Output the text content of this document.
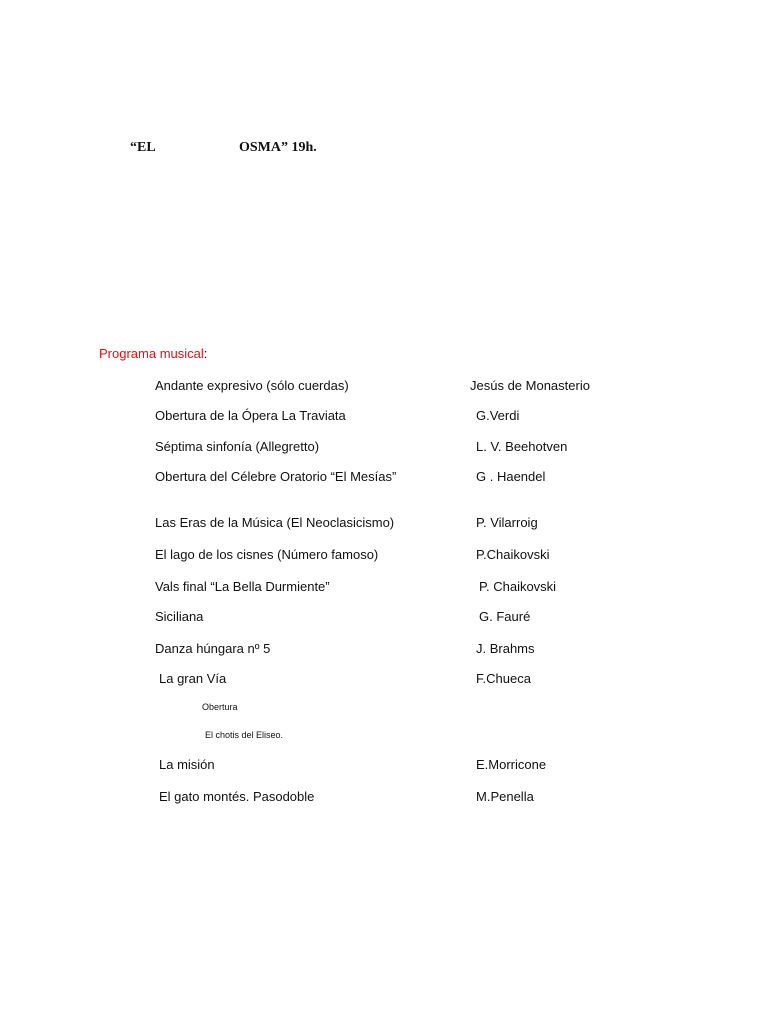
“EL	OSMA” 19h.
Programa musical:
Andante expresivo (sólo cuerdas)	Jesús de Monasterio
Obertura de la Ópera La Traviata	G.Verdi
Séptima sinfonía (Allegretto)	L. V. Beehotven
Obertura del Célebre Oratorio “El Mesías”	G . Haendel
Las Eras de la Música (El Neoclasicismo)	P. Vilarroig
El lago de los cisnes (Número famoso)	P.Chaikovski
Vals final “La Bella Durmiente”	P. Chaikovski
Siciliana	G. Fauré
Danza húngara nº 5	J. Brahms
La gran Vía	F.Chueca
Obertura
El chotis del Eliseo.
La misión	E.Morricone
El gato montés. Pasodoble	M.Penella
